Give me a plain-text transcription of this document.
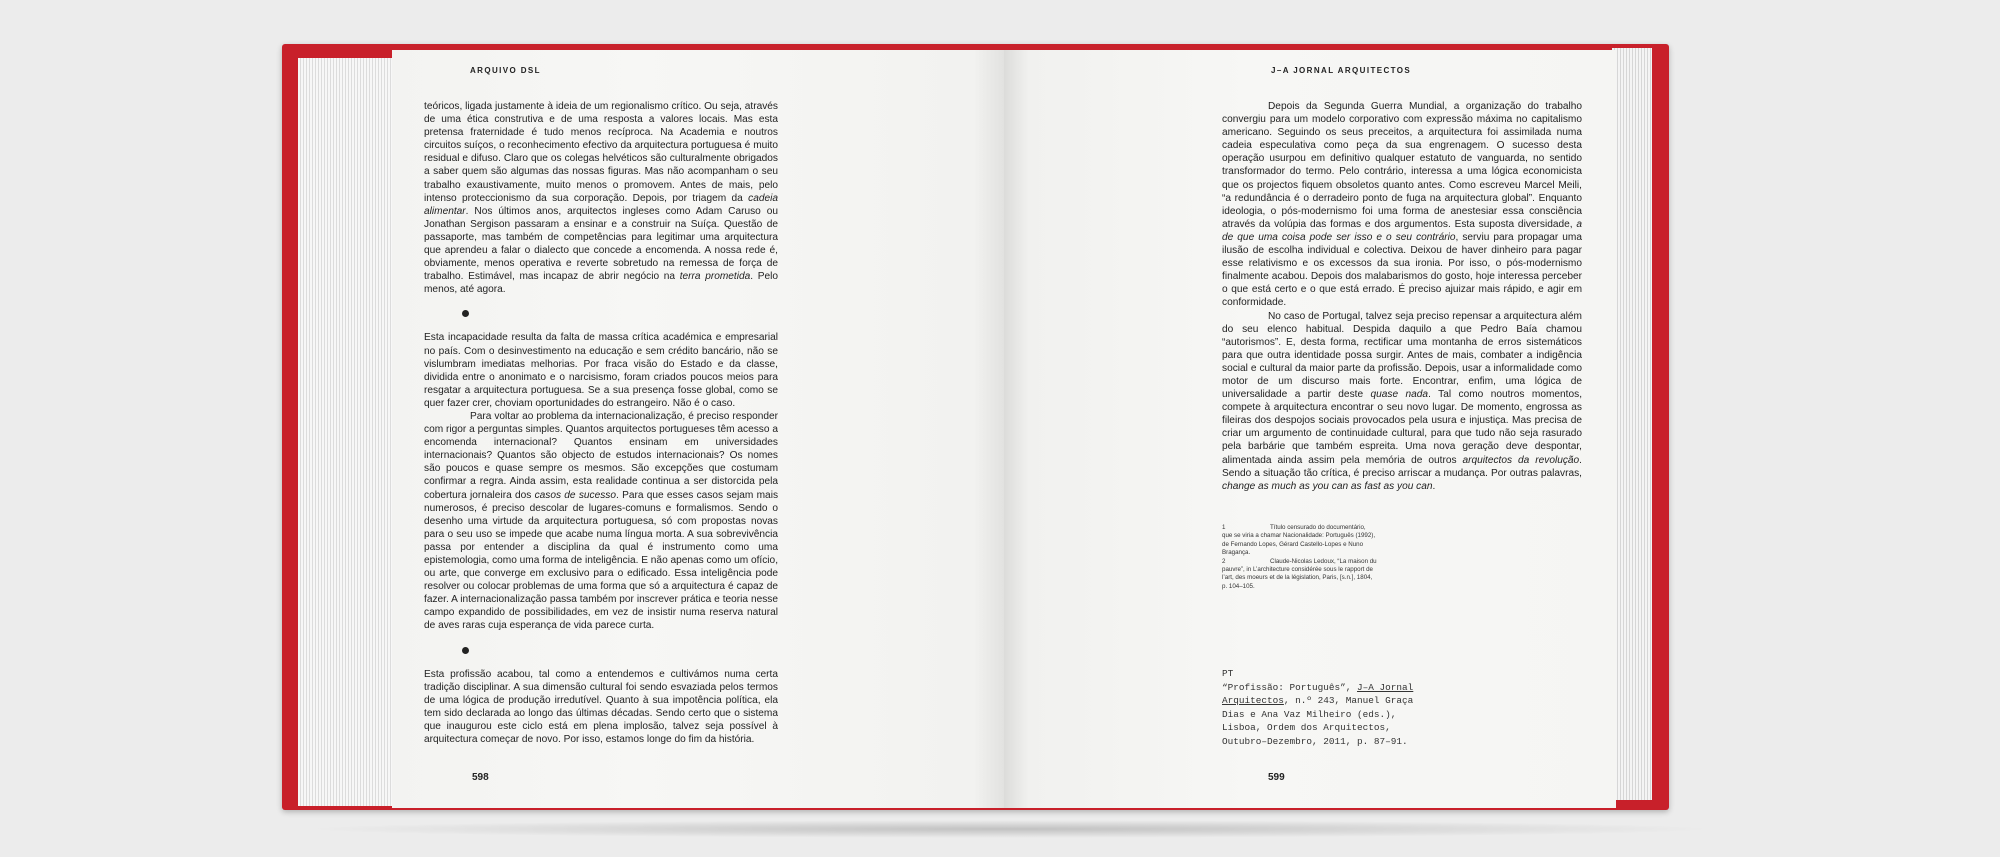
ARQUIVO DSL

teóricos, ligada justamente à ideia de um regionalismo crítico. Ou seja, através de uma ética construtiva e de uma resposta a valores locais. Mas esta pretensa fraternidade é tudo menos recíproca. Na Academia e noutros circuitos suíços, o reconhecimento efectivo da arquitectura portuguesa é muito residual e difuso. Claro que os colegas helvéticos são culturalmente obrigados a saber quem são algumas das nossas figuras. Mas não acompanham o seu trabalho exaustivamente, muito menos o promovem. Antes de mais, pelo intenso proteccionismo da sua corporação. Depois, por triagem da cadeia alimentar. Nos últimos anos, arquitectos ingleses como Adam Caruso ou Jonathan Sergison passaram a ensinar e a construir na Suíça. Questão de passaporte, mas também de competências para legitimar uma arquitectura que aprendeu a falar o dialecto que concede a encomenda. A nossa rede é, obviamente, menos operativa e reverte sobretudo na remessa de força de trabalho. Estimável, mas incapaz de abrir negócio na terra prometida. Pelo menos, até agora.

Esta incapacidade resulta da falta de massa crítica académica e empresarial no país. Com o desinvestimento na educação e sem crédito bancário, não se vislumbram imediatas melhorias. Por fraca visão do Estado e da classe, dividida entre o anonimato e o narcisismo, foram criados poucos meios para resgatar a arquitectura portuguesa. Se a sua presença fosse global, como se quer fazer crer, choviam oportunidades do estrangeiro. Não é o caso.

Para voltar ao problema da internacionalização, é preciso responder com rigor a perguntas simples. Quantos arquitectos portugueses têm acesso a encomenda internacional? Quantos ensinam em universidades internacionais? Quantos são objecto de estudos internacionais? Os nomes são poucos e quase sempre os mesmos. São excepções que costumam confirmar a regra. Ainda assim, esta realidade continua a ser distorcida pela cobertura jornaleira dos casos de sucesso. Para que esses casos sejam mais numerosos, é preciso descolar de lugares-comuns e formalismos. Sendo o desenho uma virtude da arquitectura portuguesa, só com propostas novas para o seu uso se impede que acabe numa língua morta. A sua sobrevivência passa por entender a disciplina da qual é instrumento como uma epistemologia, como uma forma de inteligência. E não apenas como um ofício, ou arte, que converge em exclusivo para o edificado. Essa inteligência pode resolver ou colocar problemas de uma forma que só a arquitectura é capaz de fazer. A internacionalização passa também por inscrever prática e teoria nesse campo expandido de possibilidades, em vez de insistir numa reserva natural de aves raras cuja esperança de vida parece curta.

Esta profissão acabou, tal como a entendemos e cultivámos numa certa tradição disciplinar. A sua dimensão cultural foi sendo esvaziada pelos termos de uma lógica de produção irredutível. Quanto à sua impotência política, ela tem sido declarada ao longo das últimas décadas. Sendo certo que o sistema que inaugurou este ciclo está em plena implosão, talvez seja possível à arquitectura começar de novo. Por isso, estamos longe do fim da história.

598
J–A JORNAL ARQUITECTOS

Depois da Segunda Guerra Mundial, a organização do trabalho convergiu para um modelo corporativo com expressão máxima no capitalismo americano. Seguindo os seus preceitos, a arquitectura foi assimilada numa cadeia especulativa como peça da sua engrenagem. O sucesso desta operação usurpou em definitivo qualquer estatuto de vanguarda, no sentido transformador do termo. Pelo contrário, interessa a uma lógica economicista que os projectos fiquem obsoletos quanto antes. Como escreveu Marcel Meili, “a redundância é o derradeiro ponto de fuga na arquitectura global”. Enquanto ideologia, o pós-modernismo foi uma forma de anestesiar essa consciência através da volúpia das formas e dos argumentos. Esta suposta diversidade, a de que uma coisa pode ser isso e o seu contrário, serviu para propagar uma ilusão de escolha individual e colectiva. Deixou de haver dinheiro para pagar esse relativismo e os excessos da sua ironia. Por isso, o pós-modernismo finalmente acabou. Depois dos malabarismos do gosto, hoje interessa perceber o que está certo e o que está errado. É preciso ajuizar mais rápido, e agir em conformidade.

No caso de Portugal, talvez seja preciso repensar a arquitectura além do seu elenco habitual. Despida daquilo a que Pedro Baía chamou “autorismos”. E, desta forma, rectificar uma montanha de erros sistemáticos para que outra identidade possa surgir. Antes de mais, combater a indigência social e cultural da maior parte da profissão. Depois, usar a informalidade como motor de um discurso mais forte. Encontrar, enfim, uma lógica de universalidade a partir deste quase nada. Tal como noutros momentos, compete à arquitectura encontrar o seu novo lugar. De momento, engrossa as fileiras dos despojos sociais provocados pela usura e injustiça. Mas precisa de criar um argumento de continuidade cultural, para que tudo não seja rasurado pela barbárie que também espreita. Uma nova geração deve despontar, alimentada ainda assim pela memória de outros arquitectos da revolução. Sendo a situação tão crítica, é preciso arriscar a mudança. Por outras palavras, change as much as you can as fast as you can.

1	Título censurado do documentário,
que se viria a chamar Nacionalidade: Português (1992),
de Fernando Lopes, Gérard Castello-Lopes e Nuno
Bragança.
2	Claude-Nicolas Ledoux, “La maison du
pauvre”, in L’architecture considérée sous le rapport de
l’art, des moeurs et de la législation, Paris, [s.n.], 1804,
p. 104–105.
PT
“Profissão: Português”, J–A Jornal
Arquitectos, n.º 243, Manuel Graça
Dias e Ana Vaz Milheiro (eds.),
Lisboa, Ordem dos Arquitectos,
Outubro–Dezembro, 2011, p. 87–91.
599
